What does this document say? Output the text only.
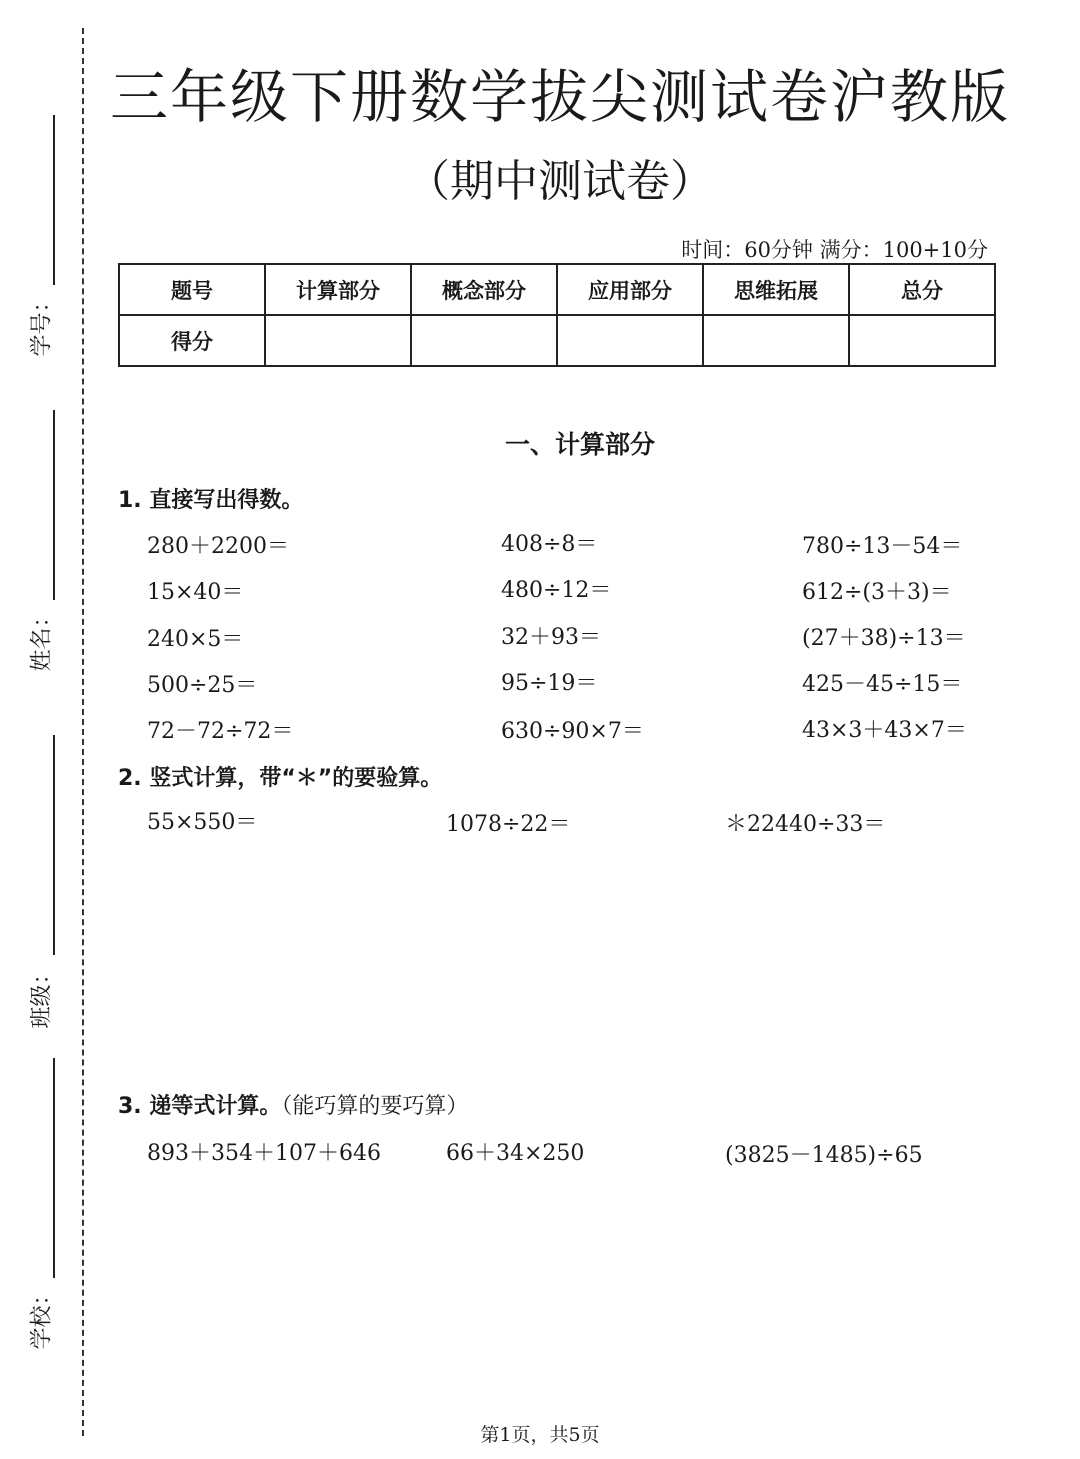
学号：
姓名：
班级：
学校：
三年级下册数学拔尖测试卷沪教版
（期中测试卷）
时间：60分钟 满分：100+10分
题号	计算部分	概念部分	应用部分	思维拓展	总分
得分					
一、计算部分
1. 直接写出得数。
280＋2200＝	408÷8＝	780÷13－54＝
15×40＝	480÷12＝	612÷(3＋3)＝
240×5＝	32＋93＝	(27＋38)÷13＝
500÷25＝	95÷19＝	425－45÷15＝
72－72÷72＝	630÷90×7＝	43×3＋43×7＝
2. 竖式计算，带“＊”的要验算。
55×550＝	1078÷22＝	＊22440÷33＝
3. 递等式计算。（能巧算的要巧算）
893＋354＋107＋646	66＋34×250	(3825－1485)÷65
第1页，共5页
